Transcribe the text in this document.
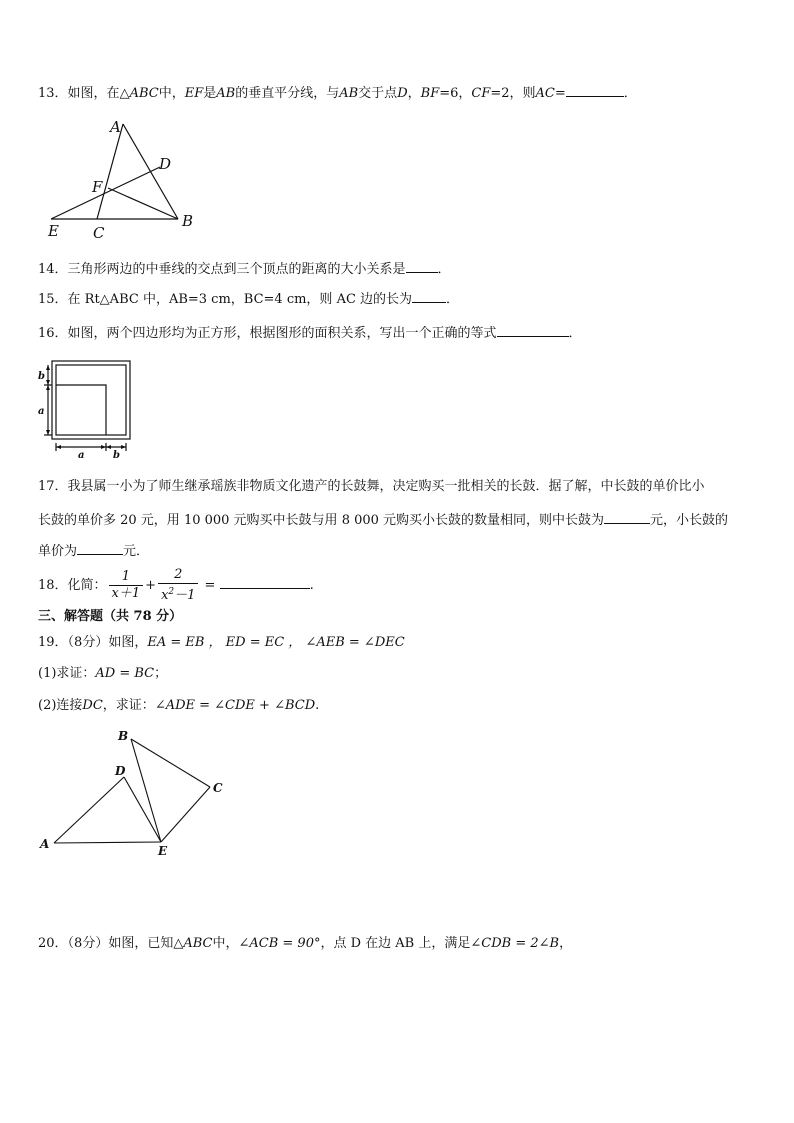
13．如图，在△ABC中，EF是AB的垂直平分线，与AB交于点D，BF=6，CF=2，则AC=	．
A
D
F
B
E C
14．三角形两边的中垂线的交点到三个顶点的距离的大小关系是 ．
15．在 Rt△ABC 中，AB=3 cm，BC=4 cm，则 AC 边的长为	．
16．如图，两个四边形均为正方形，根据图形的面积关系，写出一个正确的等式	．
b
a
a	b
17．我县属一小为了师生继承瑶族非物质文化遗产的长鼓舞，决定购买一批相关的长鼓．据了解，中长鼓的单价比小
长鼓的单价多 20 元，用 10 000 元购买中长鼓与用 8 000 元购买小长鼓的数量相同，则中长鼓为	元，小长鼓的
单价为	元．
18．化简： $\frac{1}{x+1} + \frac{2}{x^2-1}$ =	.
三、解答题（共 78 分）
19．（8分）如图，EA = EB ， ED = EC ， ∠AEB = ∠DEC
(1)求证：AD = BC；
(2)连接DC，求证：∠ADE = ∠CDE + ∠BCD.
A
B
C
D
E
20．（8分）如图，已知△ABC中，∠ACB = 90°，点 D 在边 AB 上，满足∠CDB = 2∠B，
